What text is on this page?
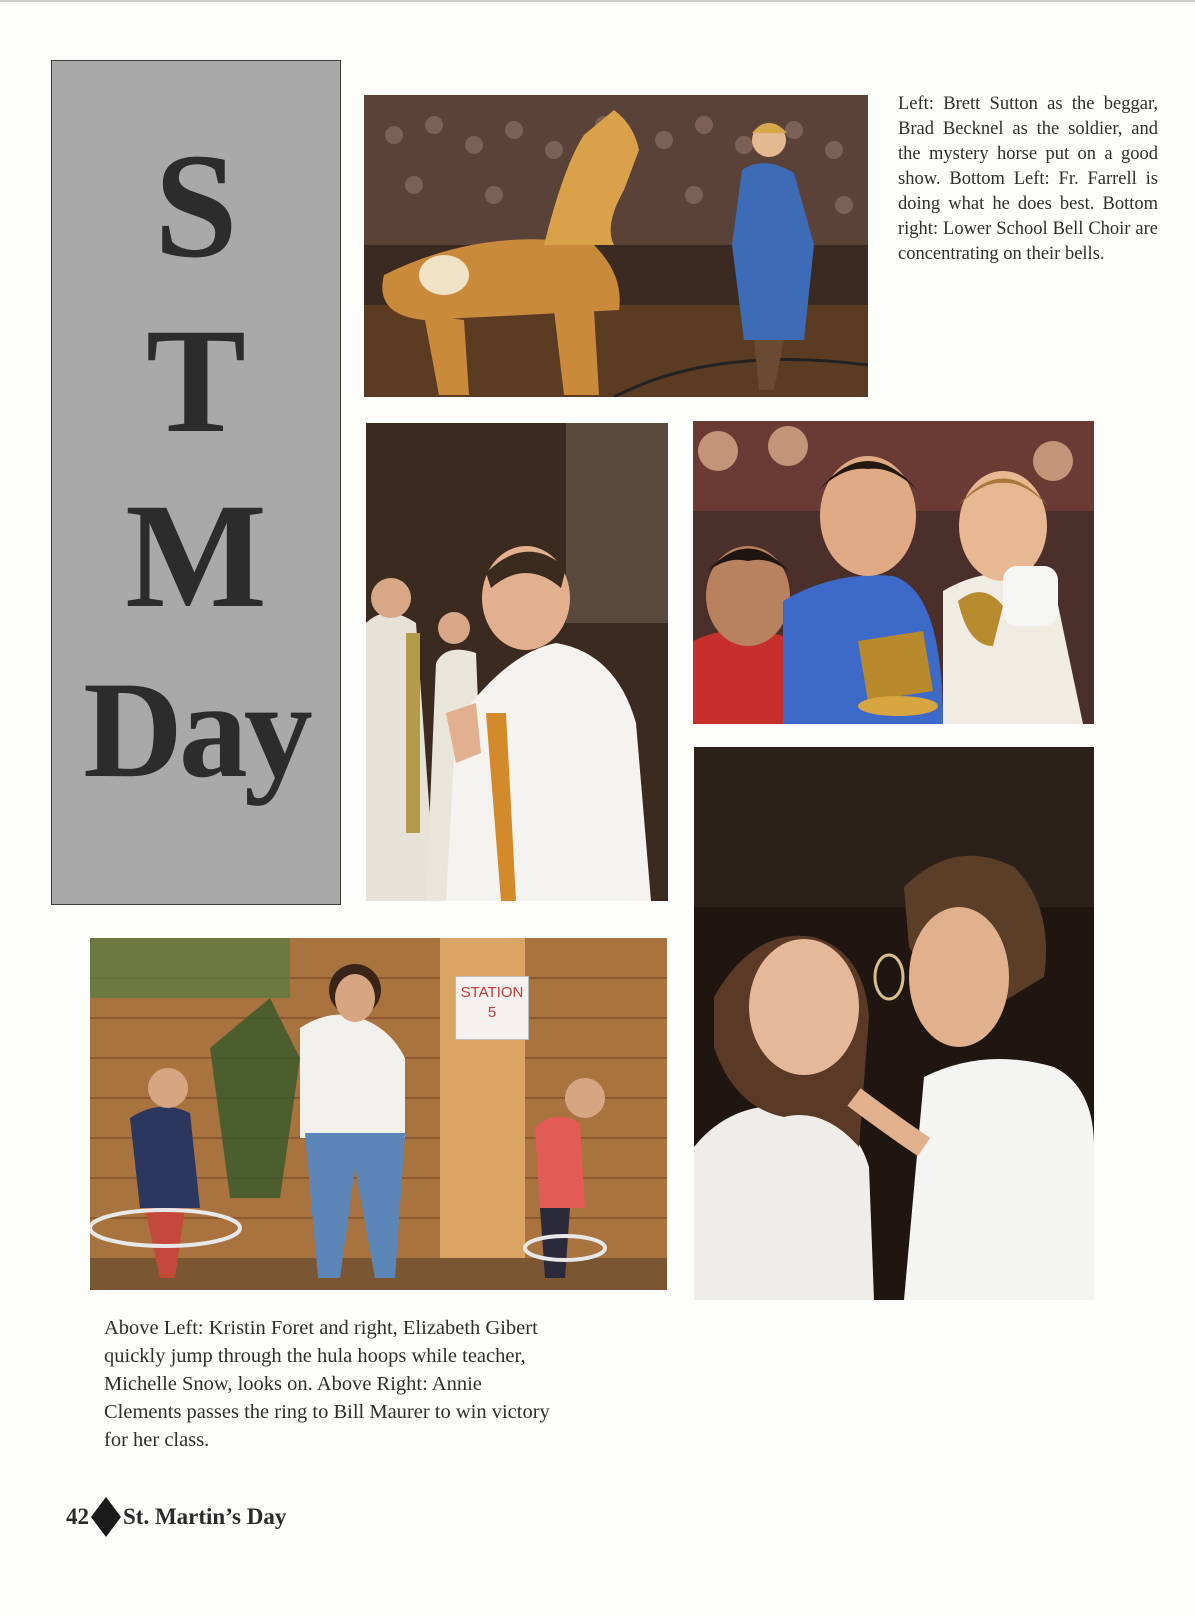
S
T
M
Day
STATION
5
Left: Brett Sutton as the beggar, Brad Becknel as the soldier, and the mystery horse put on a good show. Bottom Left: Fr. Farrell is doing what he does best. Bottom right: Lower School Bell Choir are concentrating on their bells.
Above Left: Kristin Foret and right, Elizabeth Gibert quickly jump through the hula hoops while teacher, Michelle Snow, looks on. Above Right: Annie Clements passes the ring to Bill Maurer to win victory for her class.
42 St. Martin’s Day
